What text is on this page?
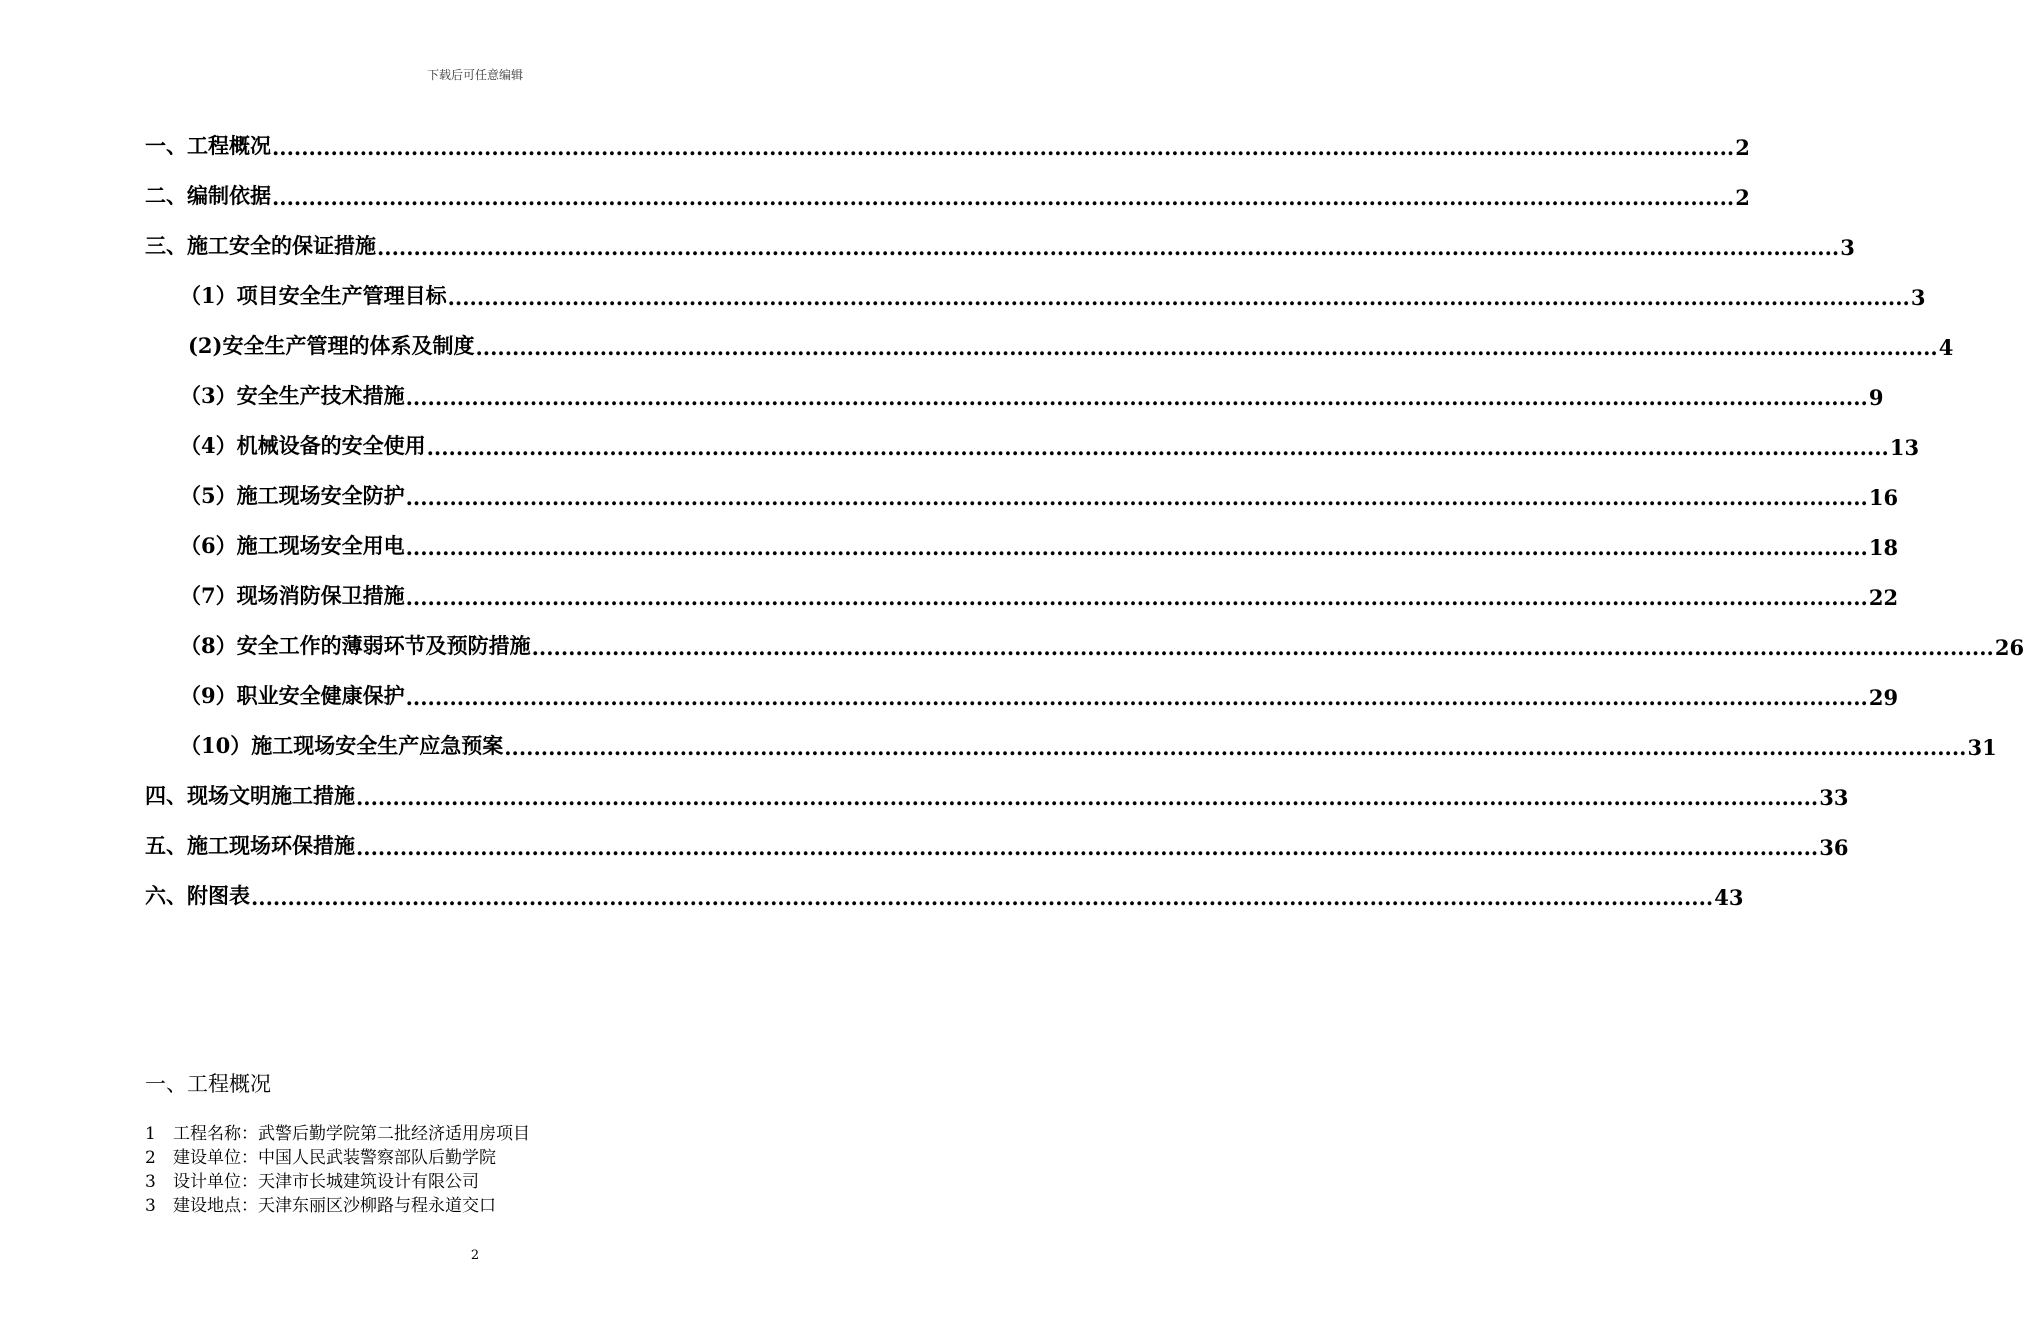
下载后可任意编辑
一、工程概况 ........................................................................................................................................................................................................ 2
二、编制依据 ........................................................................................................................................................................................................ 2
三、施工安全的保证措施 ........................................................................................................................................................................................................ 3
（1）项目安全生产管理目标 ........................................................................................................................................................................................................ 3
(2)安全生产管理的体系及制度 ........................................................................................................................................................................................................ 4
（3）安全生产技术措施 ........................................................................................................................................................................................................ 9
（4）机械设备的安全使用 ........................................................................................................................................................................................................ 13
（5）施工现场安全防护 ........................................................................................................................................................................................................ 16
（6）施工现场安全用电 ........................................................................................................................................................................................................ 18
（7）现场消防保卫措施 ........................................................................................................................................................................................................ 22
（8）安全工作的薄弱环节及预防措施 ........................................................................................................................................................................................................ 26
（9）职业安全健康保护 ........................................................................................................................................................................................................ 29
（10）施工现场安全生产应急预案 ........................................................................................................................................................................................................ 31
四、现场文明施工措施 ........................................................................................................................................................................................................ 33
五、施工现场环保措施 ........................................................................................................................................................................................................ 36
六、附图表 ........................................................................................................................................................................................................ 43
一、工程概况
1 工程名称：武警后勤学院第二批经济适用房项目
2 建设单位：中国人民武装警察部队后勤学院
3 设计单位：天津市长城建筑设计有限公司
3 建设地点：天津东丽区沙柳路与程永道交口
2
